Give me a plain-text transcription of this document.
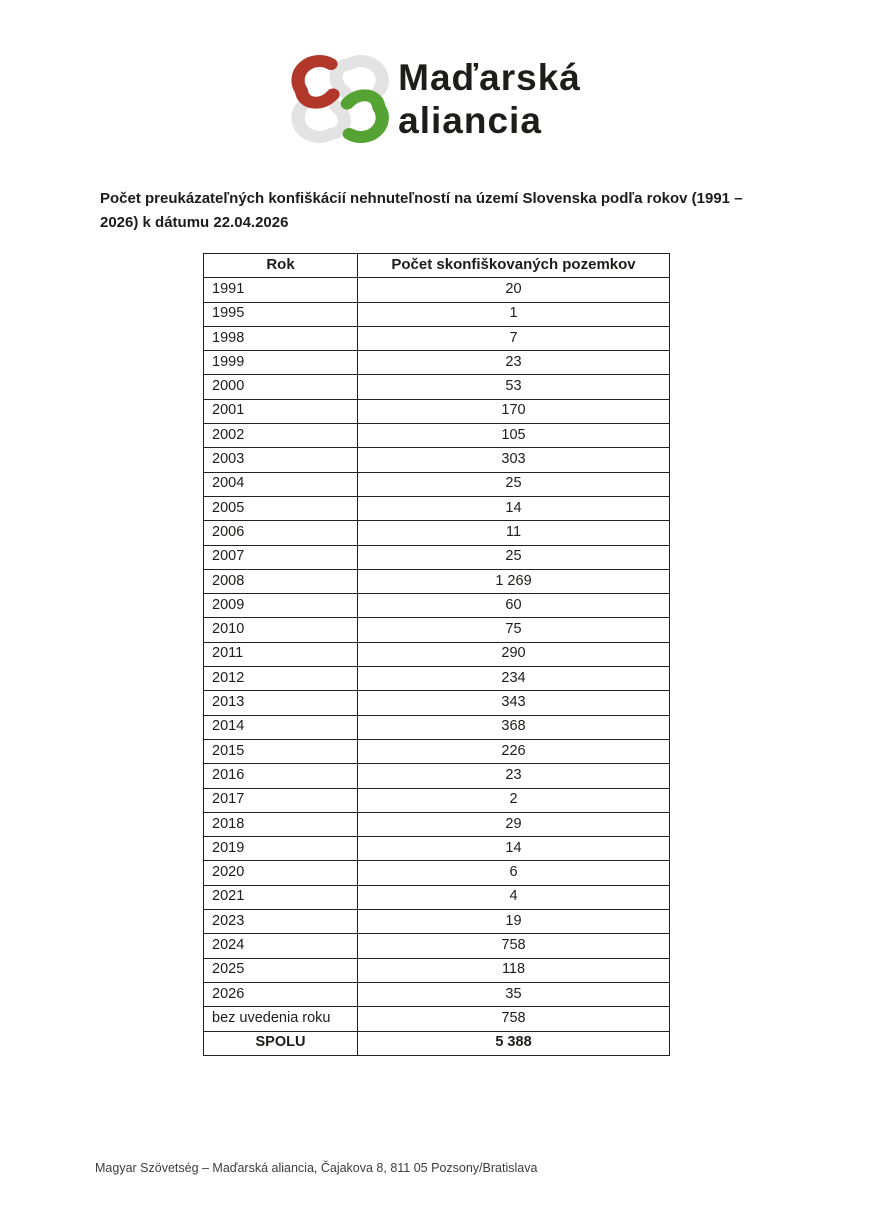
Maďarská
aliancia
Počet preukázateľných konfiškácií nehnuteľností na území Slovenska podľa rokov (1991 –
2026) k dátumu 22.04.2026
Rok	Počet skonfiškovaných pozemkov
1991	20
1995	1
1998	7
1999	23
2000	53
2001	170
2002	105
2003	303
2004	25
2005	14
2006	11
2007	25
2008	1 269
2009	60
2010	75
2011	290
2012	234
2013	343
2014	368
2015	226
2016	23
2017	2
2018	29
2019	14
2020	6
2021	4
2023	19
2024	758
2025	118
2026	35
bez uvedenia roku	758
SPOLU	5 388
Magyar Szövetség – Maďarská aliancia, Čajakova 8, 811 05 Pozsony/Bratislava
